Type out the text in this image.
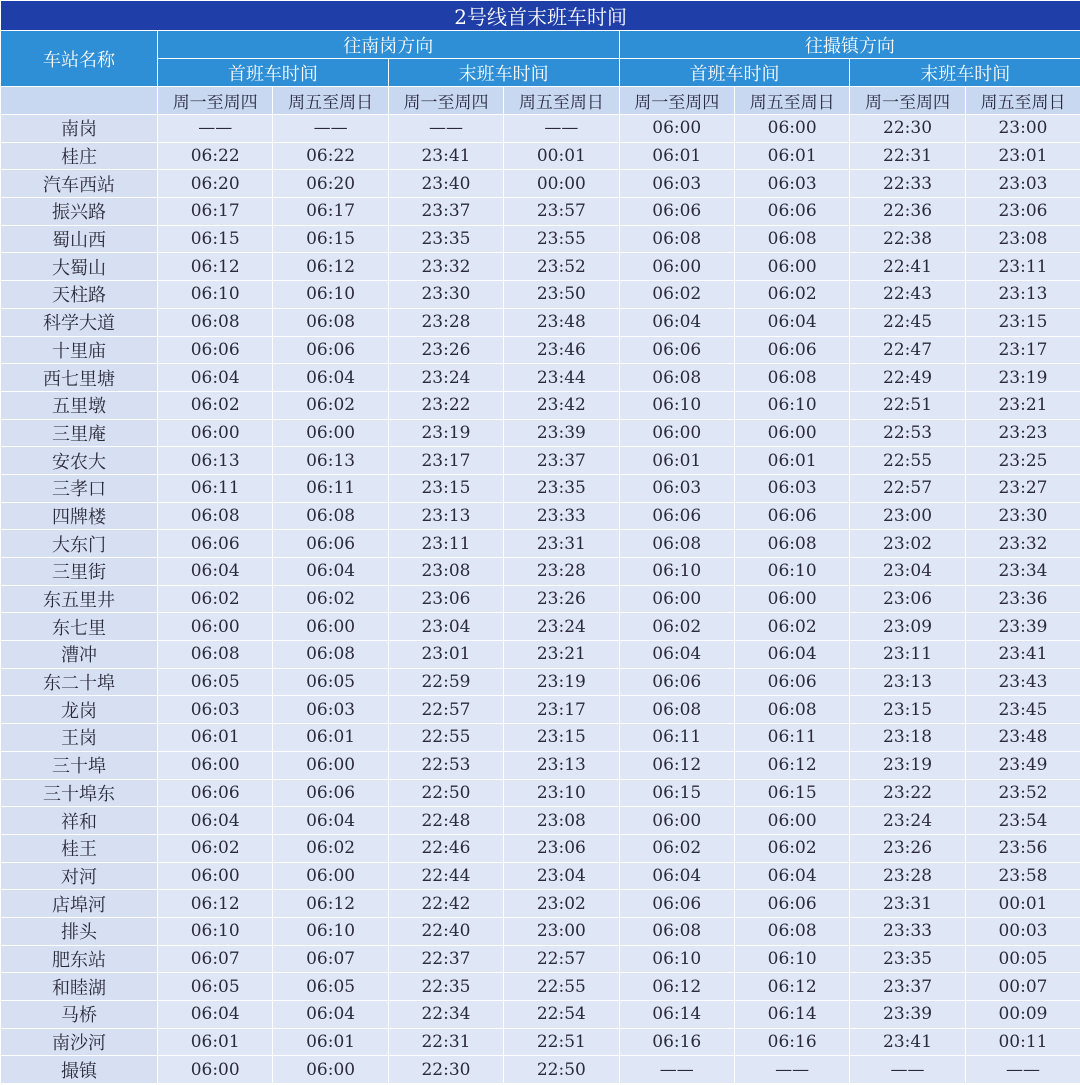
2号线首末班车时间								
车站名称	往南岗方向				往撮镇方向			
	首班车时间		末班车时间		首班车时间		末班车时间	
	周一至周四	周五至周日	周一至周四	周五至周日	周一至周四	周五至周日	周一至周四	周五至周日
南岗	——	——	——	——	06:00	06:00	22:30	23:00
桂庄	06:22	06:22	23:41	00:01	06:01	06:01	22:31	23:01
汽车西站	06:20	06:20	23:40	00:00	06:03	06:03	22:33	23:03
振兴路	06:17	06:17	23:37	23:57	06:06	06:06	22:36	23:06
蜀山西	06:15	06:15	23:35	23:55	06:08	06:08	22:38	23:08
大蜀山	06:12	06:12	23:32	23:52	06:00	06:00	22:41	23:11
天柱路	06:10	06:10	23:30	23:50	06:02	06:02	22:43	23:13
科学大道	06:08	06:08	23:28	23:48	06:04	06:04	22:45	23:15
十里庙	06:06	06:06	23:26	23:46	06:06	06:06	22:47	23:17
西七里塘	06:04	06:04	23:24	23:44	06:08	06:08	22:49	23:19
五里墩	06:02	06:02	23:22	23:42	06:10	06:10	22:51	23:21
三里庵	06:00	06:00	23:19	23:39	06:00	06:00	22:53	23:23
安农大	06:13	06:13	23:17	23:37	06:01	06:01	22:55	23:25
三孝口	06:11	06:11	23:15	23:35	06:03	06:03	22:57	23:27
四牌楼	06:08	06:08	23:13	23:33	06:06	06:06	23:00	23:30
大东门	06:06	06:06	23:11	23:31	06:08	06:08	23:02	23:32
三里街	06:04	06:04	23:08	23:28	06:10	06:10	23:04	23:34
东五里井	06:02	06:02	23:06	23:26	06:00	06:00	23:06	23:36
东七里	06:00	06:00	23:04	23:24	06:02	06:02	23:09	23:39
漕冲	06:08	06:08	23:01	23:21	06:04	06:04	23:11	23:41
东二十埠	06:05	06:05	22:59	23:19	06:06	06:06	23:13	23:43
龙岗	06:03	06:03	22:57	23:17	06:08	06:08	23:15	23:45
王岗	06:01	06:01	22:55	23:15	06:11	06:11	23:18	23:48
三十埠	06:00	06:00	22:53	23:13	06:12	06:12	23:19	23:49
三十埠东	06:06	06:06	22:50	23:10	06:15	06:15	23:22	23:52
祥和	06:04	06:04	22:48	23:08	06:00	06:00	23:24	23:54
桂王	06:02	06:02	22:46	23:06	06:02	06:02	23:26	23:56
对河	06:00	06:00	22:44	23:04	06:04	06:04	23:28	23:58
店埠河	06:12	06:12	22:42	23:02	06:06	06:06	23:31	00:01
排头	06:10	06:10	22:40	23:00	06:08	06:08	23:33	00:03
肥东站	06:07	06:07	22:37	22:57	06:10	06:10	23:35	00:05
和睦湖	06:05	06:05	22:35	22:55	06:12	06:12	23:37	00:07
马桥	06:04	06:04	22:34	22:54	06:14	06:14	23:39	00:09
南沙河	06:01	06:01	22:31	22:51	06:16	06:16	23:41	00:11
撮镇	06:00	06:00	22:30	22:50	——	——	——	——
